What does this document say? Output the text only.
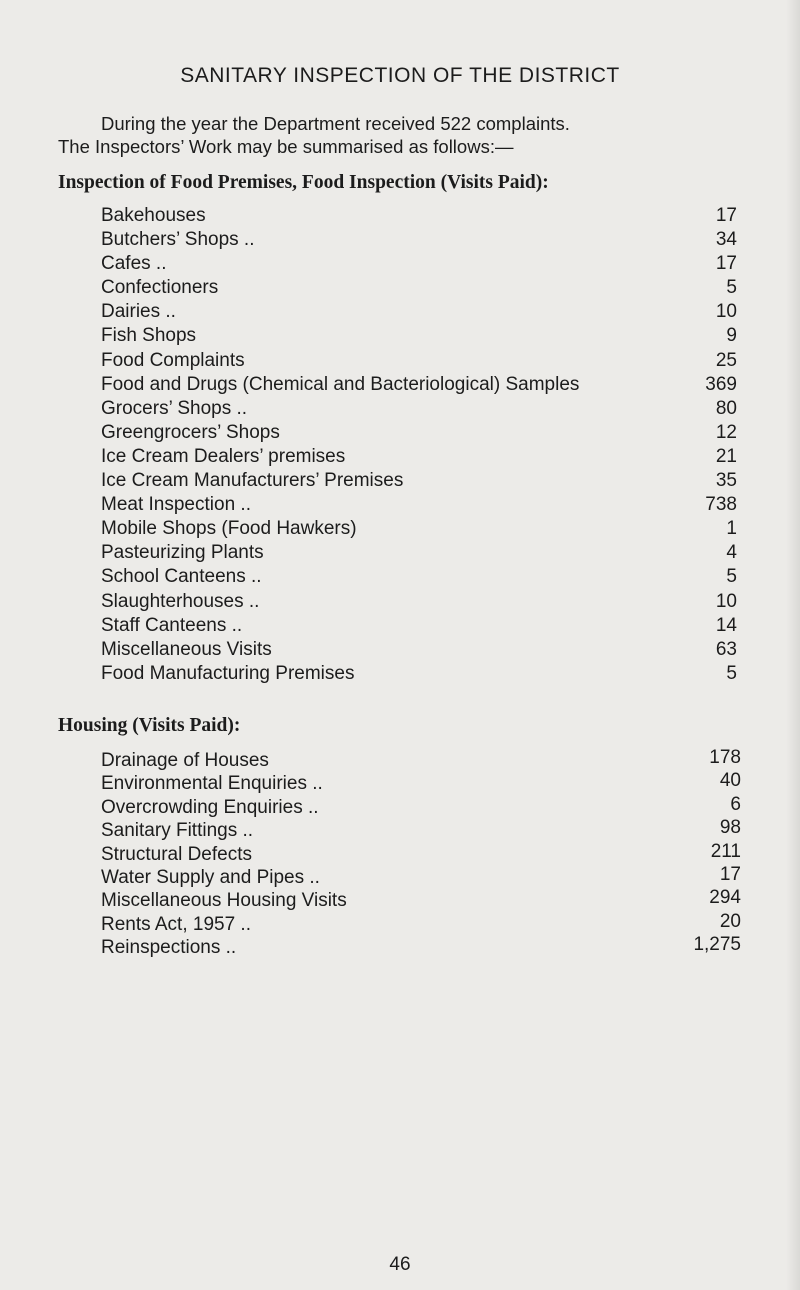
SANITARY INSPECTION OF THE DISTRICT

During the year the Department received 522 complaints.

The Inspectors’ Work may be summarised as follows:—

Inspection of Food Premises, Food Inspection (Visits Paid):
Bakehouses	17
Butchers’ Shops ..	34
Cafes ..	17
Confectioners	5
Dairies ..	10
Fish Shops	9
Food Complaints	25
Food and Drugs (Chemical and Bacteriological) Samples	369
Grocers’ Shops ..	80
Greengrocers’ Shops	12
Ice Cream Dealers’ premises	21
Ice Cream Manufacturers’ Premises	35
Meat Inspection ..	738
Mobile Shops (Food Hawkers)	1
Pasteurizing Plants	4
School Canteens ..	5
Slaughterhouses ..	10
Staff Canteens ..	14
Miscellaneous Visits	63
Food Manufacturing Premises	5
Housing (Visits Paid):
Drainage of Houses	178
Environmental Enquiries ..	40
Overcrowding Enquiries ..	6
Sanitary Fittings ..	98
Structural Defects	211
Water Supply and Pipes ..	17
Miscellaneous Housing Visits	294
Rents Act, 1957 ..	20
Reinspections ..	1,275
46
